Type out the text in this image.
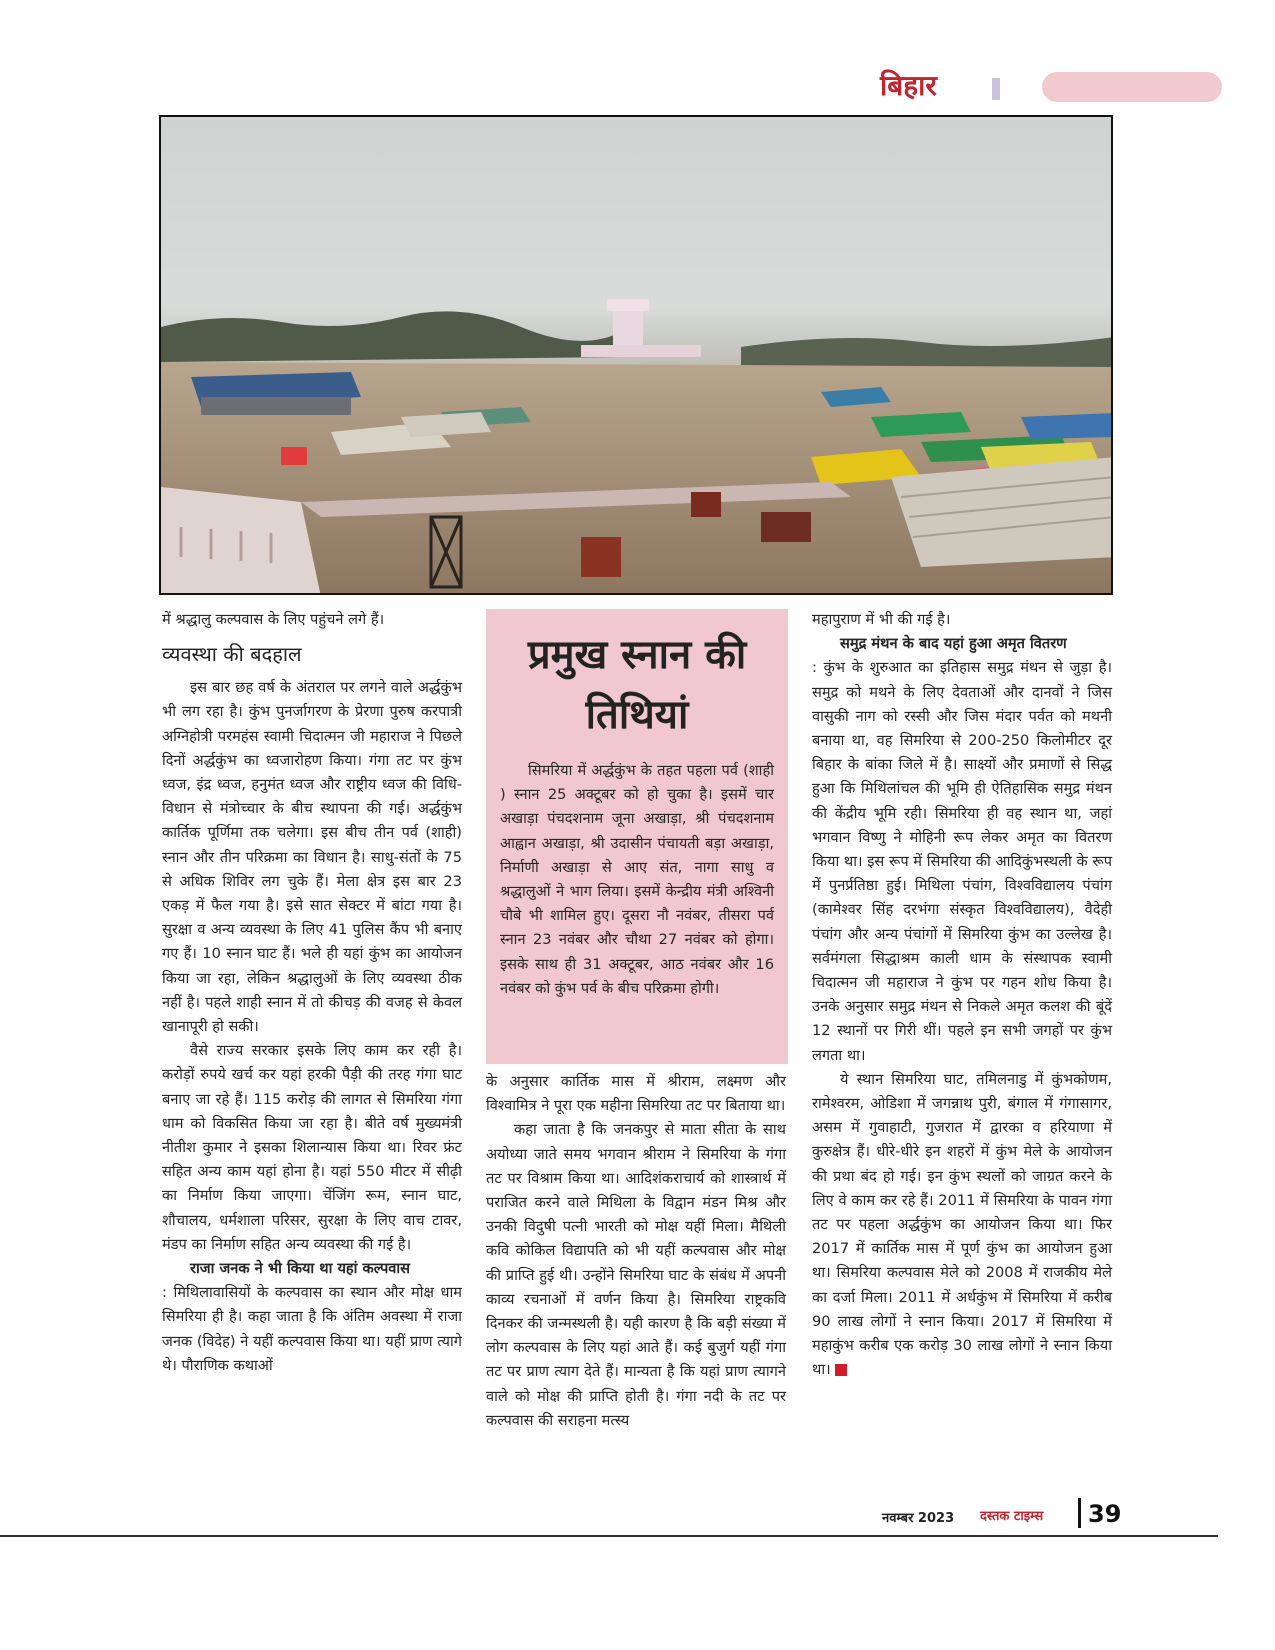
बिहार

में श्रद्धालु कल्पवास के लिए पहुंचने लगे हैं।

व्यवस्था की बदहाल

इस बार छह वर्ष के अंतराल पर लगने वाले अर्द्धकुंभ भी लग रहा है। कुंभ पुनर्जागरण के प्रेरणा पुरुष करपात्री अग्निहोत्री परमहंस स्वामी चिदात्मन जी महाराज ने पिछले दिनों अर्द्धकुंभ का ध्वजारोहण किया। गंगा तट पर कुंभ ध्वज, इंद्र ध्वज, हनुमंत ध्वज और राष्ट्रीय ध्वज की विधि-विधान से मंत्रोच्चार के बीच स्थापना की गई। अर्द्धकुंभ कार्तिक पूर्णिमा तक चलेगा। इस बीच तीन पर्व (शाही) स्नान और तीन परिक्रमा का विधान है। साधु-संतों के 75 से अधिक शिविर लग चुके हैं। मेला क्षेत्र इस बार 23 एकड़ में फैल गया है। इसे सात सेक्टर में बांटा गया है। सुरक्षा व अन्य व्यवस्था के लिए 41 पुलिस कैंप भी बनाए गए हैं। 10 स्नान घाट हैं। भले ही यहां कुंभ का आयोजन किया जा रहा, लेकिन श्रद्धालुओं के लिए व्यवस्था ठीक नहीं है। पहले शाही स्नान में तो कीचड़ की वजह से केवल खानापूरी हो सकी।

वैसे राज्य सरकार इसके लिए काम कर रही है। करोड़ों रुपये खर्च कर यहां हरकी पैड़ी की तरह गंगा घाट बनाए जा रहे हैं। 115 करोड़ की लागत से सिमरिया गंगा धाम को विकसित किया जा रहा है। बीते वर्ष मुख्यमंत्री नीतीश कुमार ने इसका शिलान्यास किया था। रिवर फ्रंट सहित अन्य काम यहां होना है। यहां 550 मीटर में सीढ़ी का निर्माण किया जाएगा। चेंजिंग रूम, स्नान घाट, शौचालय, धर्मशाला परिसर, सुरक्षा के लिए वाच टावर, मंडप का निर्माण सहित अन्य व्यवस्था की गई है।

राजा जनक ने भी किया था यहां कल्पवास

: मिथिलावासियों के कल्पवास का स्थान और मोक्ष धाम सिमरिया ही है। कहा जाता है कि अंतिम अवस्था में राजा जनक (विदेह) ने यहीं कल्पवास किया था। यहीं प्राण त्यागे थे। पौराणिक कथाओं

प्रमुख स्नान की
तिथियां

सिमरिया में अर्द्धकुंभ के तहत पहला पर्व (शाही ) स्नान 25 अक्टूबर को हो चुका है। इसमें चार अखाड़ा पंचदशनाम जूना अखाड़ा, श्री पंचदशनाम आह्वान अखाड़ा, श्री उदासीन पंचायती बड़ा अखाड़ा, निर्माणी अखाड़ा से आए संत, नागा साधु व श्रद्धालुओं ने भाग लिया। इसमें केन्द्रीय मंत्री अश्विनी चौबे भी शामिल हुए। दूसरा नौ नवंबर, तीसरा पर्व स्नान 23 नवंबर और चौथा 27 नवंबर को होगा। इसके साथ ही 31 अक्टूबर, आठ नवंबर और 16 नवंबर को कुंभ पर्व के बीच परिक्रमा होगी।

के अनुसार कार्तिक मास में श्रीराम, लक्ष्मण और विश्वामित्र ने पूरा एक महीना सिमरिया तट पर बिताया था।

कहा जाता है कि जनकपुर से माता सीता के साथ अयोध्या जाते समय भगवान श्रीराम ने सिमरिया के गंगा तट पर विश्राम किया था। आदिशंकराचार्य को शास्त्रार्थ में पराजित करने वाले मिथिला के विद्वान मंडन मिश्र और उनकी विदुषी पत्नी भारती को मोक्ष यहीं मिला। मैथिली कवि कोकिल विद्यापति को भी यहीं कल्पवास और मोक्ष की प्राप्ति हुई थी। उन्होंने सिमरिया घाट के संबंध में अपनी काव्य रचनाओं में वर्णन किया है। सिमरिया राष्ट्रकवि दिनकर की जन्मस्थली है। यही कारण है कि बड़ी संख्या में लोग कल्पवास के लिए यहां आते हैं। कई बुजुर्ग यहीं गंगा तट पर प्राण त्याग देते हैं। मान्यता है कि यहां प्राण त्यागने वाले को मोक्ष की प्राप्ति होती है। गंगा नदी के तट पर कल्पवास की सराहना मत्स्य

महापुराण में भी की गई है।

समुद्र मंथन के बाद यहां हुआ अमृत वितरण

: कुंभ के शुरुआत का इतिहास समुद्र मंथन से जुड़ा है। समुद्र को मथने के लिए देवताओं और दानवों ने जिस वासुकी नाग को रस्सी और जिस मंदार पर्वत को मथनी बनाया था, वह सिमरिया से 200-250 किलोमीटर दूर बिहार के बांका जिले में है। साक्ष्यों और प्रमाणों से सिद्ध हुआ कि मिथिलांचल की भूमि ही ऐतिहासिक समुद्र मंथन की केंद्रीय भूमि रही। सिमरिया ही वह स्थान था, जहां भगवान विष्णु ने मोहिनी रूप लेकर अमृत का वितरण किया था। इस रूप में सिमरिया की आदिकुंभस्थली के रूप में पुनर्प्रतिष्ठा हुई। मिथिला पंचांग, विश्वविद्यालय पंचांग (कामेश्वर सिंह दरभंगा संस्कृत विश्वविद्यालय), वैदेही पंचांग और अन्य पंचांगों में सिमरिया कुंभ का उल्लेख है। सर्वमंगला सिद्धाश्रम काली धाम के संस्थापक स्वामी चिदात्मन जी महाराज ने कुंभ पर गहन शोध किया है। उनके अनुसार समुद्र मंथन से निकले अमृत कलश की बूंदें 12 स्थानों पर गिरी थीं। पहले इन सभी जगहों पर कुंभ लगता था।

ये स्थान सिमरिया घाट, तमिलनाडु में कुंभकोणम, रामेश्वरम, ओडिशा में जगन्नाथ पुरी, बंगाल में गंगासागर, असम में गुवाहाटी, गुजरात में द्वारका व हरियाणा में कुरुक्षेत्र हैं। धीरे-धीरे इन शहरों में कुंभ मेले के आयोजन की प्रथा बंद हो गई। इन कुंभ स्थलों को जाग्रत करने के लिए वे काम कर रहे हैं। 2011 में सिमरिया के पावन गंगा तट पर पहला अर्द्धकुंभ का आयोजन किया था। फिर 2017 में कार्तिक मास में पूर्ण कुंभ का आयोजन हुआ था। सिमरिया कल्पवास मेले को 2008 में राजकीय मेले का दर्जा मिला। 2011 में अर्धकुंभ में सिमरिया में करीब 90 लाख लोगों ने स्नान किया। 2017 में सिमरिया में महाकुंभ करीब एक करोड़ 30 लाख लोगों ने स्नान किया था।

नवम्बर 2023 दस्तक टाइम्स 39
